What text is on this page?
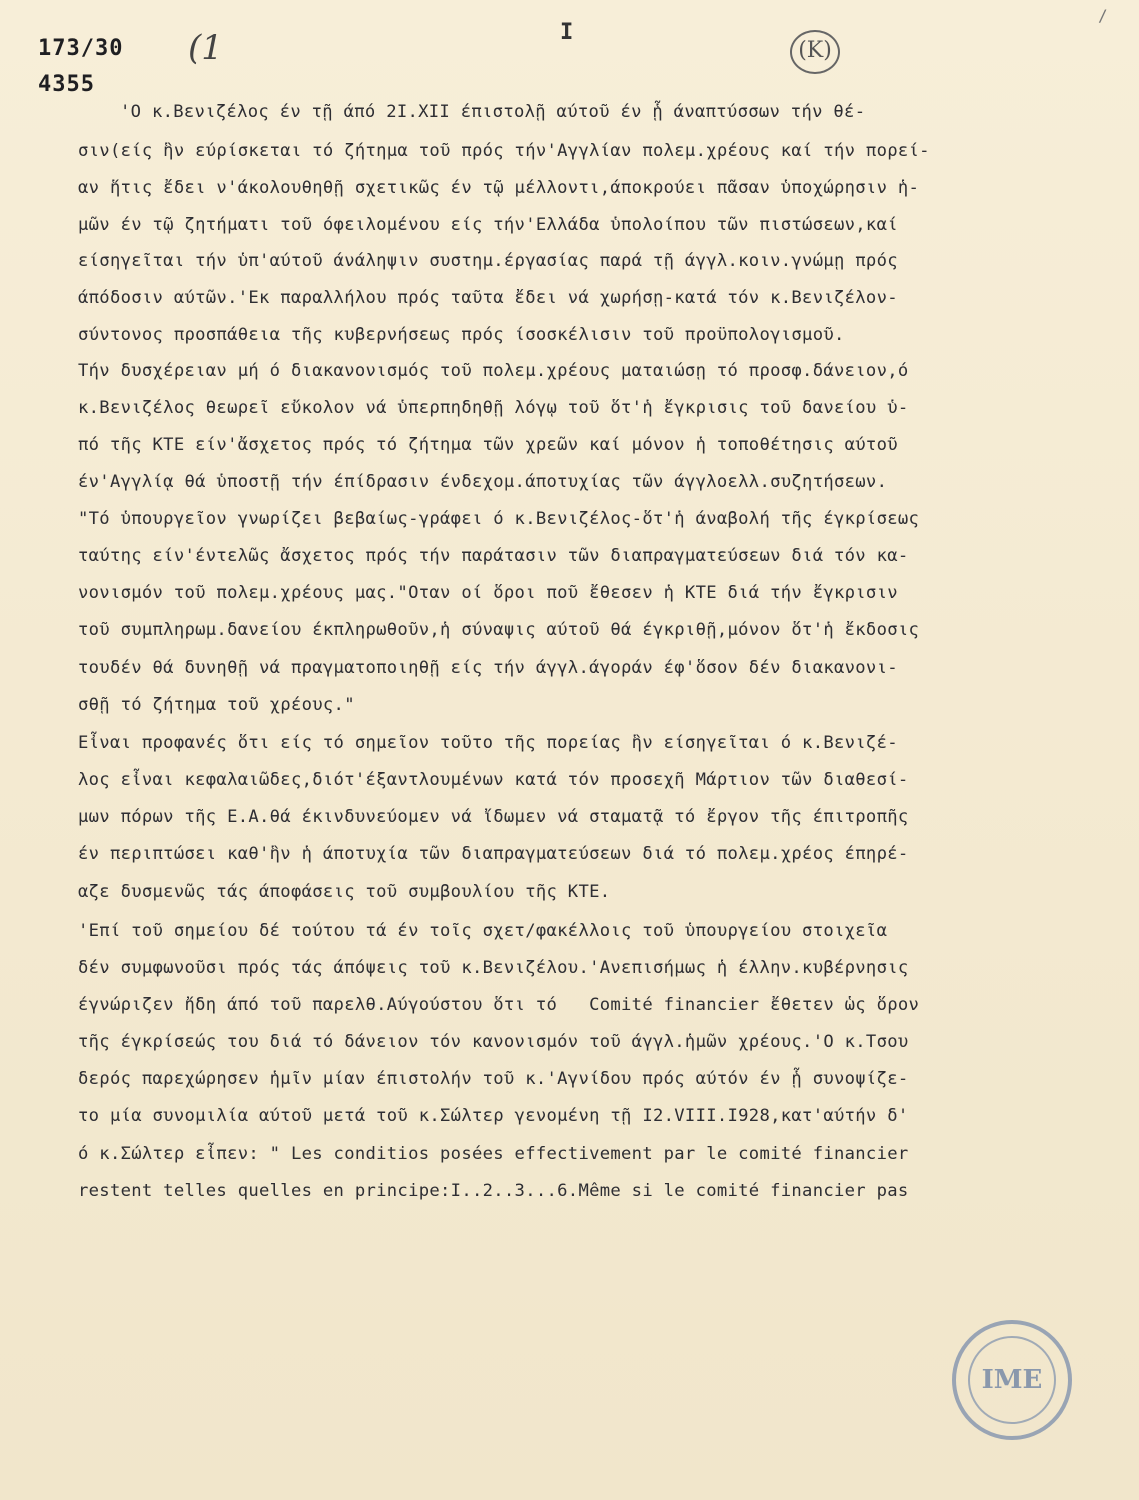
173/30
4355
(1	I
(K)
/
'Ο κ.Βενιζέλος έν τῇ άπό 2Ι.XII έπιστολῇ αύτοῦ έν ᾗ άναπτύσσων τήν θέ-
σιν(είς ἣν εύρίσκεται τό ζήτημα τοῦ πρός τήν'Αγγλίαν πολεμ.χρέους καί τήν πορεί-
αν ἥτις ἔδει ν'άκολουθηθῇ σχετικῶς έν τῷ μέλλοντι,άποκρούει πᾶσαν ὑποχώρησιν ἡ-
μῶν έν τῷ ζητήματι τοῦ όφειλομένου είς τήν'Ελλάδα ὑπολοίπου τῶν πιστώσεων,καί
είσηγεῖται τήν ὑπ'αύτοῦ άνάληψιν συστημ.έργασίας παρά τῇ άγγλ.κοιν.γνώμῃ πρός
άπόδοσιν αύτῶν.'Εκ παραλλήλου πρός ταῦτα ἔδει νά χωρήσῃ-κατά τόν κ.Βενιζέλον-
σύντονος προσπάθεια τῆς κυβερνήσεως πρός ίσοσκέλισιν τοῦ προϋπολογισμοῦ.
Τήν δυσχέρειαν μή ό διακανονισμός τοῦ πολεμ.χρέους ματαιώσῃ τό προσφ.δάνειον,ό
κ.Βενιζέλος θεωρεῖ εὔκολον νά ὑπερπηδηθῇ λόγῳ τοῦ ὅτ'ἡ ἔγκρισις τοῦ δανείου ὑ-
πό τῆς ΚΤΕ είν'ἄσχετος πρός τό ζήτημα τῶν χρεῶν καί μόνον ἡ τοποθέτησις αύτοῦ
έν'Αγγλίᾳ θά ὑποστῇ τήν έπίδρασιν ένδεχομ.άποτυχίας τῶν άγγλοελλ.συζητήσεων.
"Τό ὑπουργεῖον γνωρίζει βεβαίως-γράφει ό κ.Βενιζέλος-ὅτ'ἡ άναβολή τῆς έγκρίσεως
ταύτης είν'έντελῶς ἄσχετος πρός τήν παράτασιν τῶν διαπραγματεύσεων διά τόν κα-
νονισμόν τοῦ πολεμ.χρέους μας."Οταν οί ὅροι ποῦ ἔθεσεν ἡ ΚΤΕ διά τήν ἔγκρισιν
τοῦ συμπληρωμ.δανείου έκπληρωθοῦν,ἡ σύναψις αύτοῦ θά έγκριθῇ,μόνον ὅτ'ἡ ἔκδοσις
τουδέν θά δυνηθῇ νά πραγματοποιηθῇ είς τήν άγγλ.άγοράν έφ'ὅσον δέν διακανονι-
σθῇ τό ζήτημα τοῦ χρέους."
Εἶναι προφανές ὅτι είς τό σημεῖον τοῦτο τῆς πορείας ἣν είσηγεῖται ό κ.Βενιζέ-
λος εἶναι κεφαλαιῶδες,διότ'έξαντλουμένων κατά τόν προσεχῆ Μάρτιον τῶν διαθεσί-
μων πόρων τῆς Ε.Α.θά έκινδυνεύομεν νά ἴδωμεν νά σταματᾷ τό ἔργον τῆς έπιτροπῆς
έν περιπτώσει καθ'ἣν ἡ άποτυχία τῶν διαπραγματεύσεων διά τό πολεμ.χρέος έπηρέ-
αζε δυσμενῶς τάς άποφάσεις τοῦ συμβουλίου τῆς ΚΤΕ.
'Επί τοῦ σημείου δέ τούτου τά έν τοῖς σχετ/φακέλλοις τοῦ ὑπουργείου στοιχεῖα
δέν συμφωνοῦσι πρός τάς άπόψεις τοῦ κ.Βενιζέλου.'Ανεπισήμως ἡ έλλην.κυβέρνησις
έγνώριζεν ἤδη άπό τοῦ παρελθ.Αύγούστου ὅτι τό   Comité financier ἔθετεν ὡς ὅρον
τῆς έγκρίσεώς του διά τό δάνειον τόν κανονισμόν τοῦ άγγλ.ἡμῶν χρέους.'Ο κ.Τσου
δερός παρεχώρησεν ἡμῖν μίαν έπιστολήν τοῦ κ.'Αγνίδου πρός αύτόν έν ᾗ συνοψίζε-
το μία συνομιλία αύτοῦ μετά τοῦ κ.Σώλτερ γενομένη τῇ Ι2.VIII.I928,κατ'αύτήν δ'
ό κ.Σώλτερ εἶπεν: " Les conditios posées effectivement par le comité financier
restent telles quelles en principe:I..2..3...6.Même si le comité financier pas
ΙΜΕ
